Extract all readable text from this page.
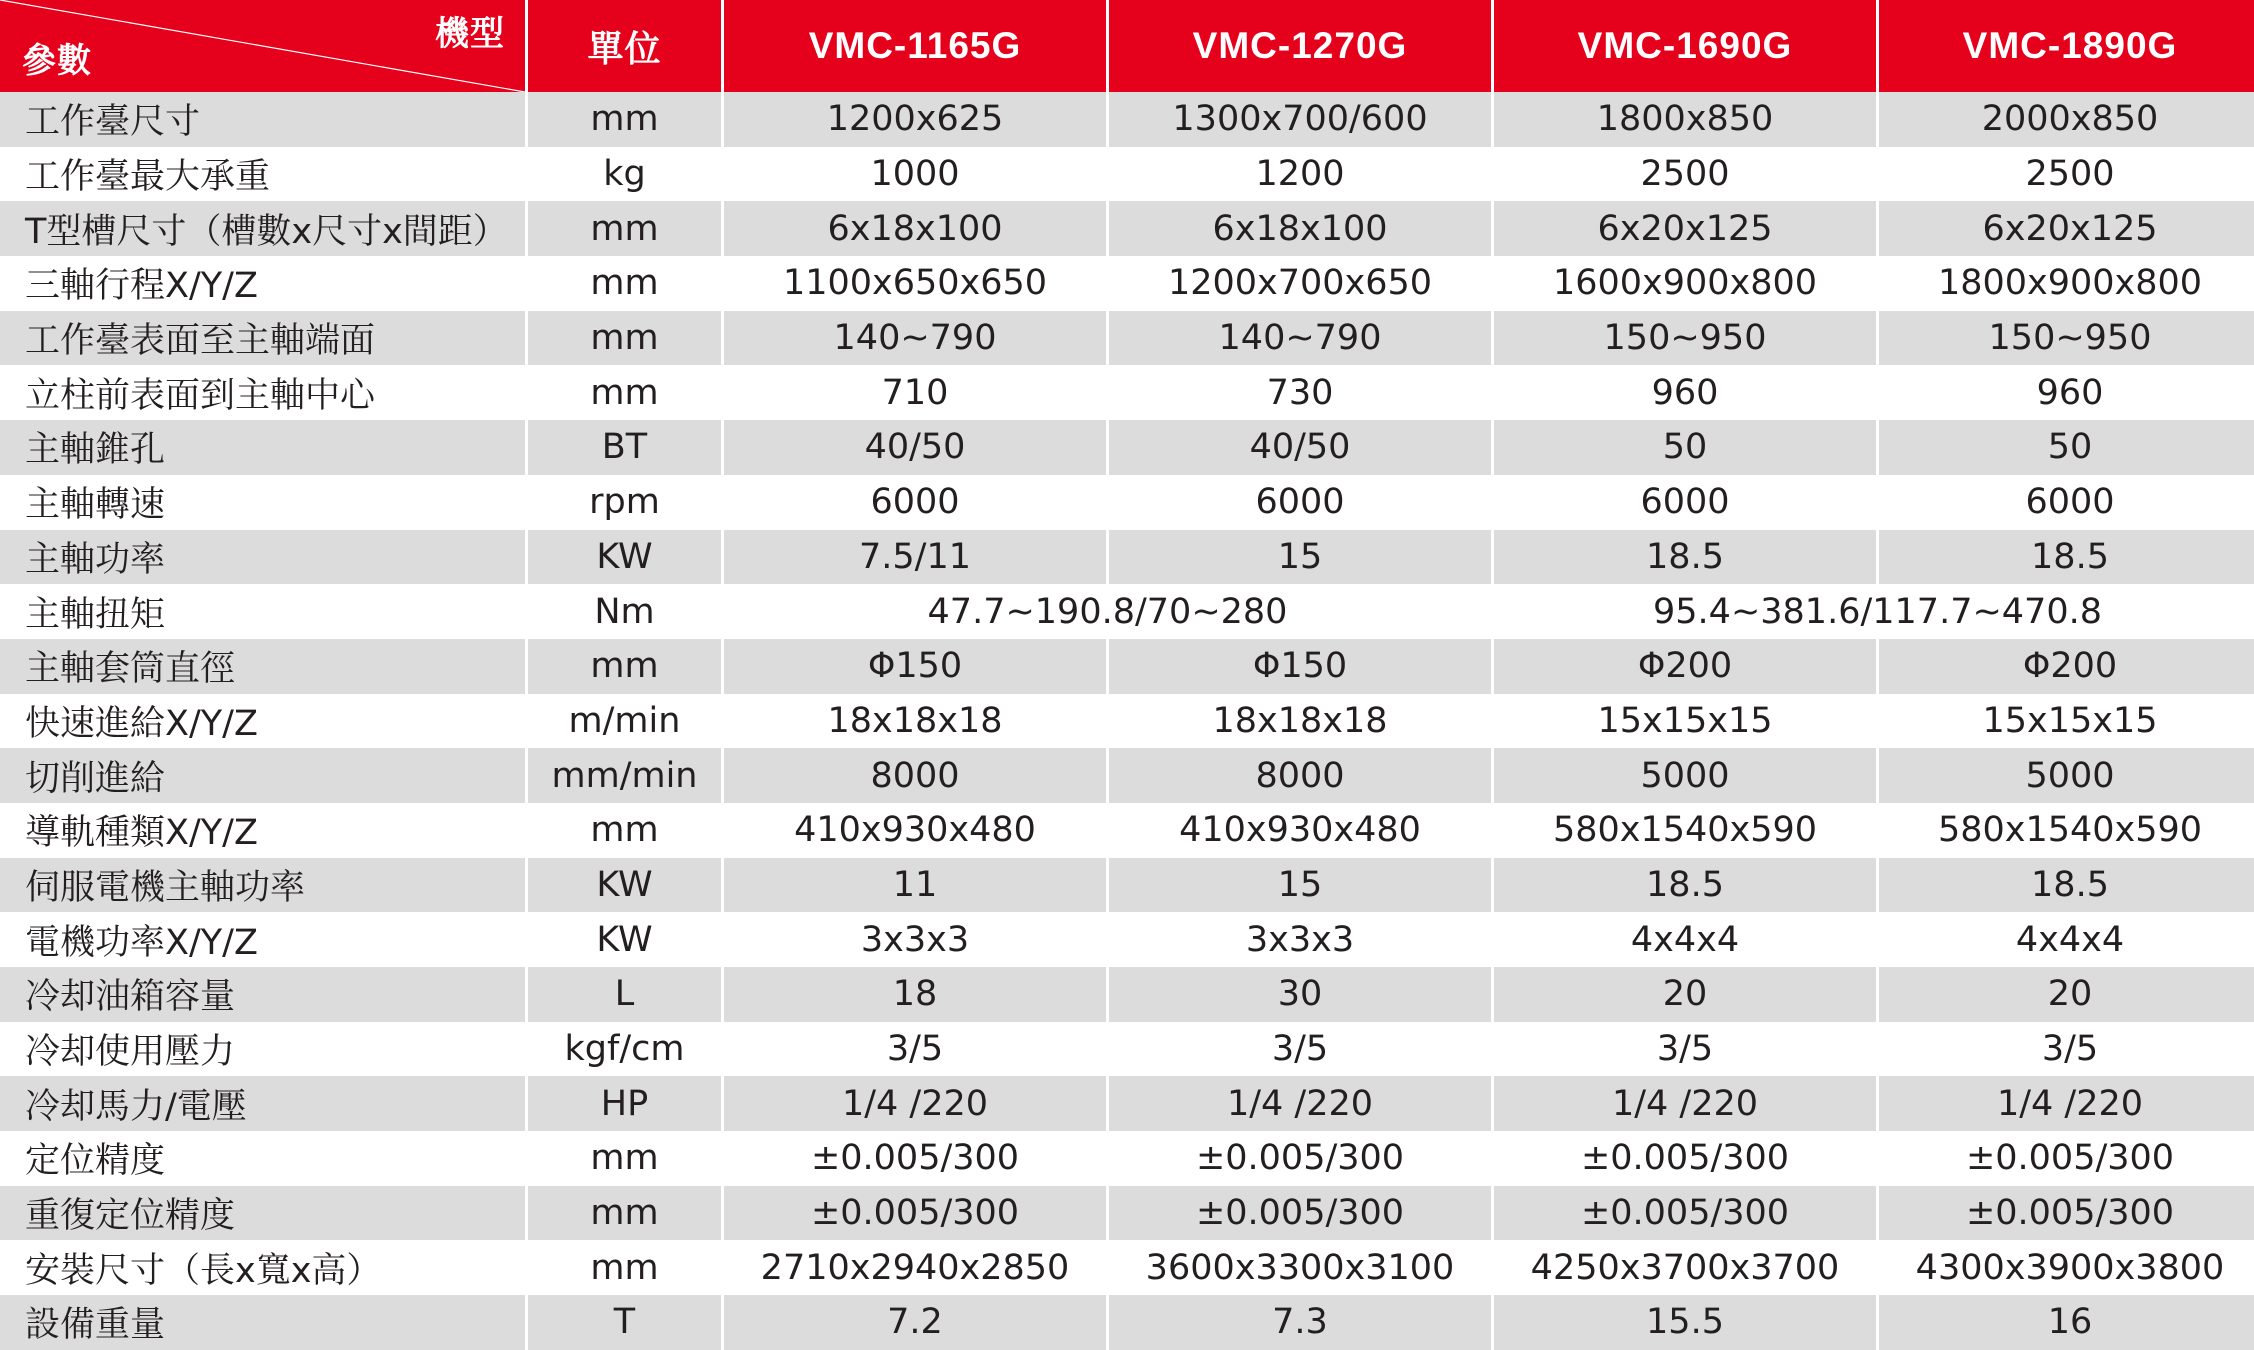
機型
參數	單位	VMC-1165G	VMC-1270G	VMC-1690G	VMC-1890G
工作臺尺寸	mm	1200x625	1300x700/600	1800x850	2000x850
工作臺最大承重	kg	1000	1200	2500	2500
T型槽尺寸（槽數x尺寸x間距）	mm	6x18x100	6x18x100	6x20x125	6x20x125
三軸行程X/Y/Z	mm	1100x650x650	1200x700x650	1600x900x800	1800x900x800
工作臺表面至主軸端面	mm	140~790	140~790	150~950	150~950
立柱前表面到主軸中心	mm	710	730	960	960
主軸錐孔	BT	40/50	40/50	50	50
主軸轉速	rpm	6000	6000	6000	6000
主軸功率	KW	7.5/11	15	18.5	18.5
主軸扭矩	Nm	47.7~190.8/70~280		95.4~381.6/117.7~470.8	
主軸套筒直徑	mm	Φ150	Φ150	Φ200	Φ200
快速進給X/Y/Z	m/min	18x18x18	18x18x18	15x15x15	15x15x15
切削進給	mm/min	8000	8000	5000	5000
導軌種類X/Y/Z	mm	410x930x480	410x930x480	580x1540x590	580x1540x590
伺服電機主軸功率	KW	11	15	18.5	18.5
電機功率X/Y/Z	KW	3x3x3	3x3x3	4x4x4	4x4x4
冷却油箱容量	L	18	30	20	20
冷却使用壓力	kgf/cm	3/5	3/5	3/5	3/5
冷却馬力/電壓	HP	1/4 /220	1/4 /220	1/4 /220	1/4 /220
定位精度	mm	±0.005/300	±0.005/300	±0.005/300	±0.005/300
重復定位精度	mm	±0.005/300	±0.005/300	±0.005/300	±0.005/300
安裝尺寸（長x寬x高）	mm	2710x2940x2850	3600x3300x3100	4250x3700x3700	4300x3900x3800
設備重量	T	7.2	7.3	15.5	16
